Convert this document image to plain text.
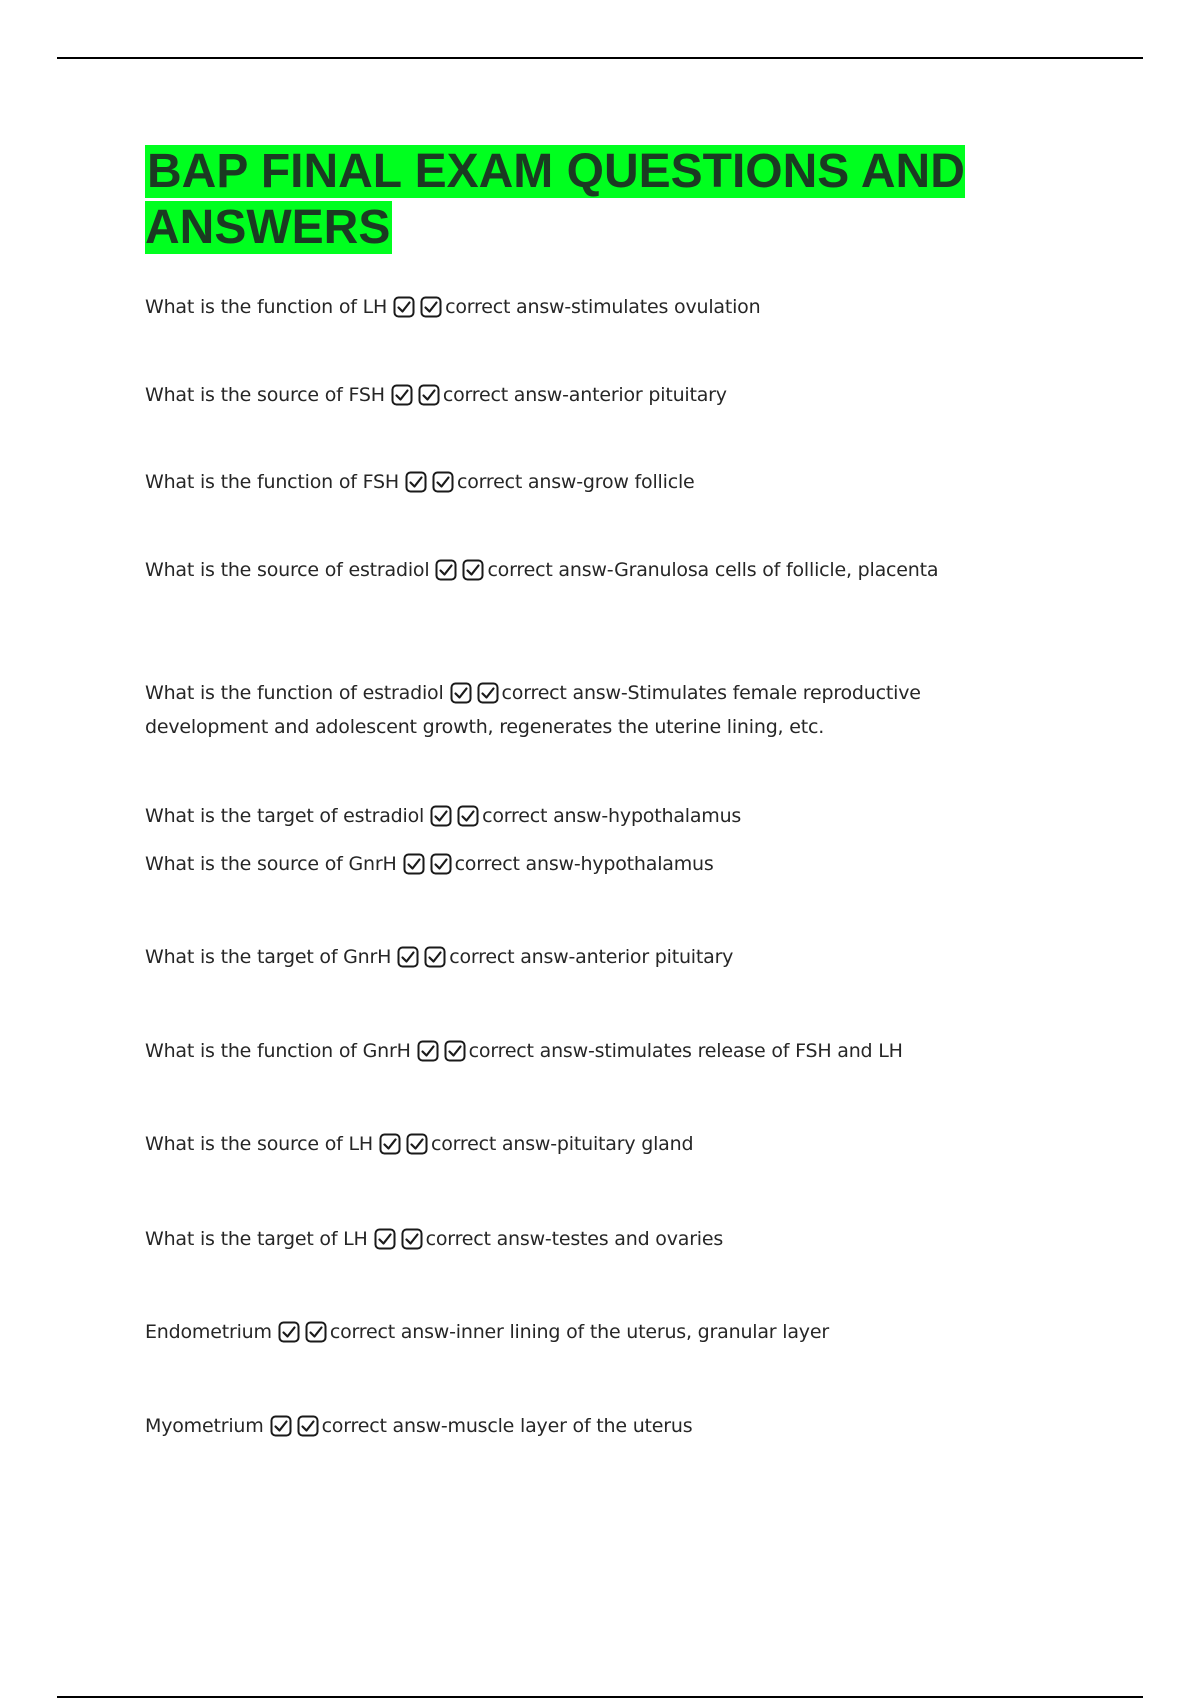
BAP FINAL EXAM QUESTIONS AND ANSWERS

What is the function of LH	correct answ-stimulates ovulation

What is the source of FSH	correct answ-anterior pituitary

What is the function of FSH	correct answ-grow follicle

What is the source of estradiol	correct answ-Granulosa cells of follicle, placenta

What is the function of estradiol	correct answ-Stimulates female reproductive development and adolescent growth, regenerates the uterine lining, etc.

What is the target of estradiol	correct answ-hypothalamus

What is the source of GnrH	correct answ-hypothalamus

What is the target of GnrH	correct answ-anterior pituitary

What is the function of GnrH	correct answ-stimulates release of FSH and LH

What is the source of LH	correct answ-pituitary gland

What is the target of LH	correct answ-testes and ovaries

Endometrium	correct answ-inner lining of the uterus, granular layer

Myometrium	correct answ-muscle layer of the uterus
